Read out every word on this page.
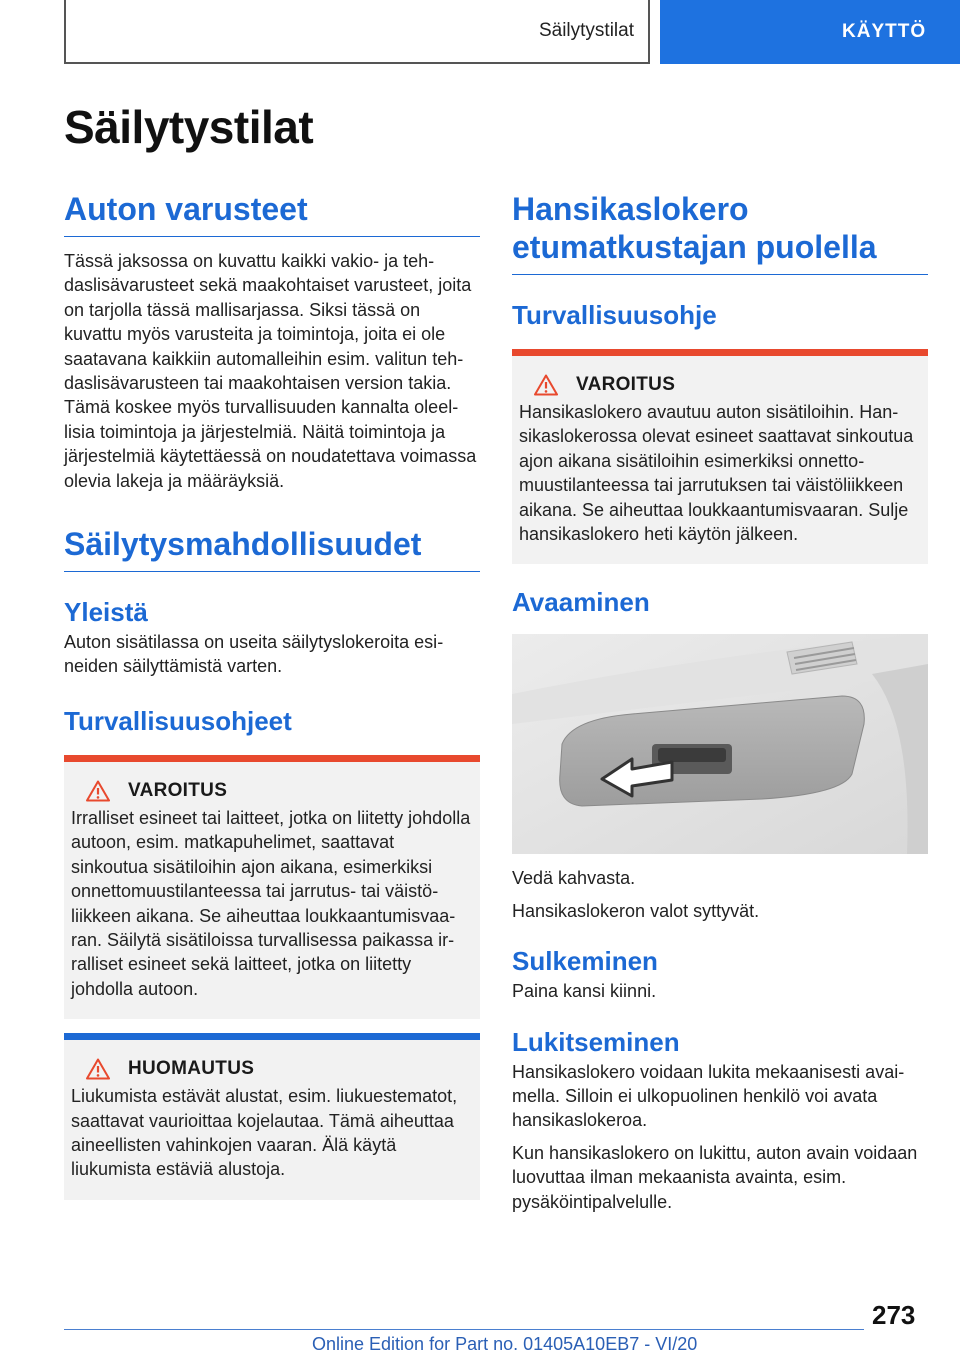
Säilytystilat	KÄYTTÖ
Säilytystilat
Auton varusteet

Tässä jaksossa on kuvattu kaikki vakio- ja tehdaslisävarusteet sekä maakohtaiset varusteet, joita on tarjolla tässä mallisarjassa. Siksi tässä on kuvattu myös varusteita ja toimintoja, joita ei ole saatavana kaikkiin automalleihin esim. valitun tehdaslisävarusteen tai maakohtaisen version takia. Tämä koskee myös turvallisuuden kannalta oleellisia toimintoja ja järjestelmiä. Näitä toimintoja ja järjestelmiä käytettäessä on noudatettava voimassa olevia lakeja ja määräyksiä.

Säilytysmahdollisuudet
Yleistä

Auton sisätilassa on useita säilytyslokeroita esineiden säilyttämistä varten.

Turvallisuusohjeet
VAROITUS

Irralliset esineet tai laitteet, jotka on liitetty johdolla autoon, esim. matkapuhelimet, saattavat sinkoutua sisätiloihin ajon aikana, esimerkiksi onnettomuustilanteessa tai jarrutus- tai väistöliikkeen aikana. Se aiheuttaa loukkaantumisvaaran. Säilytä sisätiloissa turvallisessa paikassa irralliset esineet sekä laitteet, jotka on liitetty johdolla autoon.

HUOMAUTUS

Liukumista estävät alustat, esim. liukuestematot, saattavat vaurioittaa kojelautaa. Tämä aiheuttaa aineellisten vahinkojen vaaran. Älä käytä liukumista estäviä alustoja.

Hansikaslokero etumatkustajan puolella
Turvallisuusohje
VAROITUS

Hansikaslokero avautuu auton sisätiloihin. Hansikaslokerossa olevat esineet saattavat sinkoutua ajon aikana sisätiloihin esimerkiksi onnettomuustilanteessa tai jarrutuksen tai väistöliikkeen aikana. Se aiheuttaa loukkaantumisvaaran. Sulje hansikaslokero heti käytön jälkeen.

Avaaminen

Vedä kahvasta.

Hansikaslokeron valot syttyvät.

Sulkeminen

Paina kansi kiinni.

Lukitseminen

Hansikaslokero voidaan lukita mekaanisesti avaimella. Silloin ei ulkopuolinen henkilö voi avata hansikaslokeroa.

Kun hansikaslokero on lukittu, auton avain voidaan luovuttaa ilman mekaanista avainta, esim. pysäköintipalvelulle.

273
Online Edition for Part no. 01405A10EB7 - VI/20
